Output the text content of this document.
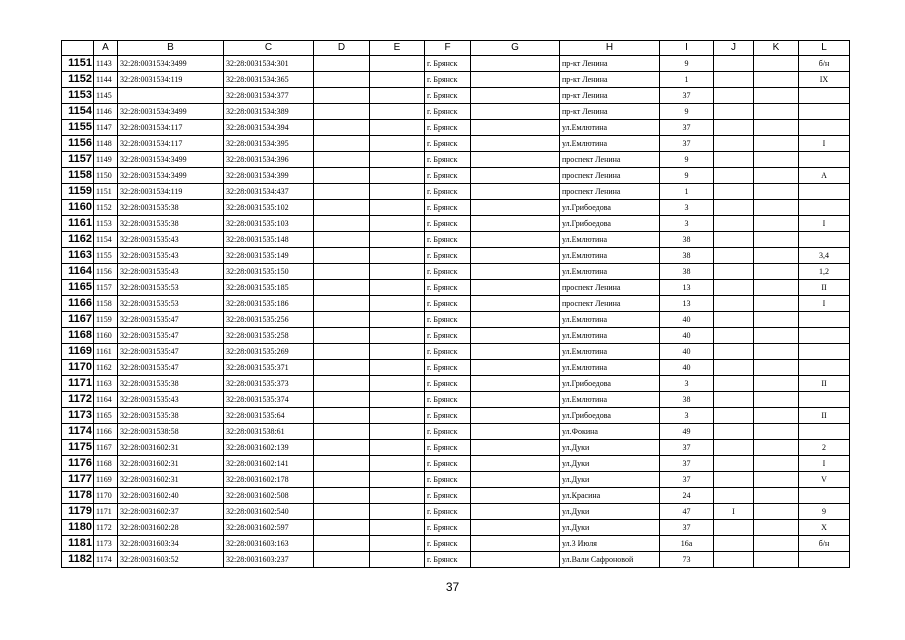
	A	B	C	D	E	F	G	H	I	J	K	L
1151	1143	32:28:0031534:3499	32:28:0031534:301			г. Брянск		пр-кт Ленина	9			б/н
1152	1144	32:28:0031534:119	32:28:0031534:365			г. Брянск		пр-кт Ленина	1			IX
1153	1145		32:28:0031534:377			г. Брянск		пр-кт Ленина	37			
1154	1146	32:28:0031534:3499	32:28:0031534:389			г. Брянск		пр-кт Ленина	9			
1155	1147	32:28:0031534:117	32:28:0031534:394			г. Брянск		ул.Емлютина	37			
1156	1148	32:28:0031534:117	32:28:0031534:395			г. Брянск		ул.Емлютина	37			I
1157	1149	32:28:0031534:3499	32:28:0031534:396			г. Брянск		проспект Ленина	9			
1158	1150	32:28:0031534:3499	32:28:0031534:399			г. Брянск		проспект Ленина	9			А
1159	1151	32:28:0031534:119	32:28:0031534:437			г. Брянск		проспект Ленина	1			
1160	1152	32:28:0031535:38	32:28:0031535:102			г. Брянск		ул.Грибоедова	3			
1161	1153	32:28:0031535:38	32:28:0031535:103			г. Брянск		ул.Грибоедова	3			I
1162	1154	32:28:0031535:43	32:28:0031535:148			г. Брянск		ул.Емлютина	38			
1163	1155	32:28:0031535:43	32:28:0031535:149			г. Брянск		ул.Емлютина	38			3,4
1164	1156	32:28:0031535:43	32:28:0031535:150			г. Брянск		ул.Емлютина	38			1,2
1165	1157	32:28:0031535:53	32:28:0031535:185			г. Брянск		проспект Ленина	13			II
1166	1158	32:28:0031535:53	32:28:0031535:186			г. Брянск		проспект Ленина	13			I
1167	1159	32:28:0031535:47	32:28:0031535:256			г. Брянск		ул.Емлютина	40			
1168	1160	32:28:0031535:47	32:28:0031535:258			г. Брянск		ул.Емлютина	40			
1169	1161	32:28:0031535:47	32:28:0031535:269			г. Брянск		ул.Емлютина	40			
1170	1162	32:28:0031535:47	32:28:0031535:371			г. Брянск		ул.Емлютина	40			
1171	1163	32:28:0031535:38	32:28:0031535:373			г. Брянск		ул.Грибоедова	3			II
1172	1164	32:28:0031535:43	32:28:0031535:374			г. Брянск		ул.Емлютина	38			
1173	1165	32:28:0031535:38	32:28:0031535:64			г. Брянск		ул.Грибоедова	3			II
1174	1166	32:28:0031538:58	32:28:0031538:61			г. Брянск		ул.Фокина	49			
1175	1167	32:28:0031602:31	32:28:0031602:139			г. Брянск		ул.Дуки	37			2
1176	1168	32:28:0031602:31	32:28:0031602:141			г. Брянск		ул.Дуки	37			I
1177	1169	32:28:0031602:31	32:28:0031602:178			г. Брянск		ул.Дуки	37			V
1178	1170	32:28:0031602:40	32:28:0031602:508			г. Брянск		ул.Красина	24			
1179	1171	32:28:0031602:37	32:28:0031602:540			г. Брянск		ул.Дуки	47	I		9
1180	1172	32:28:0031602:28	32:28:0031602:597			г. Брянск		ул.Дуки	37			X
1181	1173	32:28:0031603:34	32:28:0031603:163			г. Брянск		ул.3 Июля	16а			б/н
1182	1174	32:28:0031603:52	32:28:0031603:237			г. Брянск		ул.Вали Сафроновой	73			
37
